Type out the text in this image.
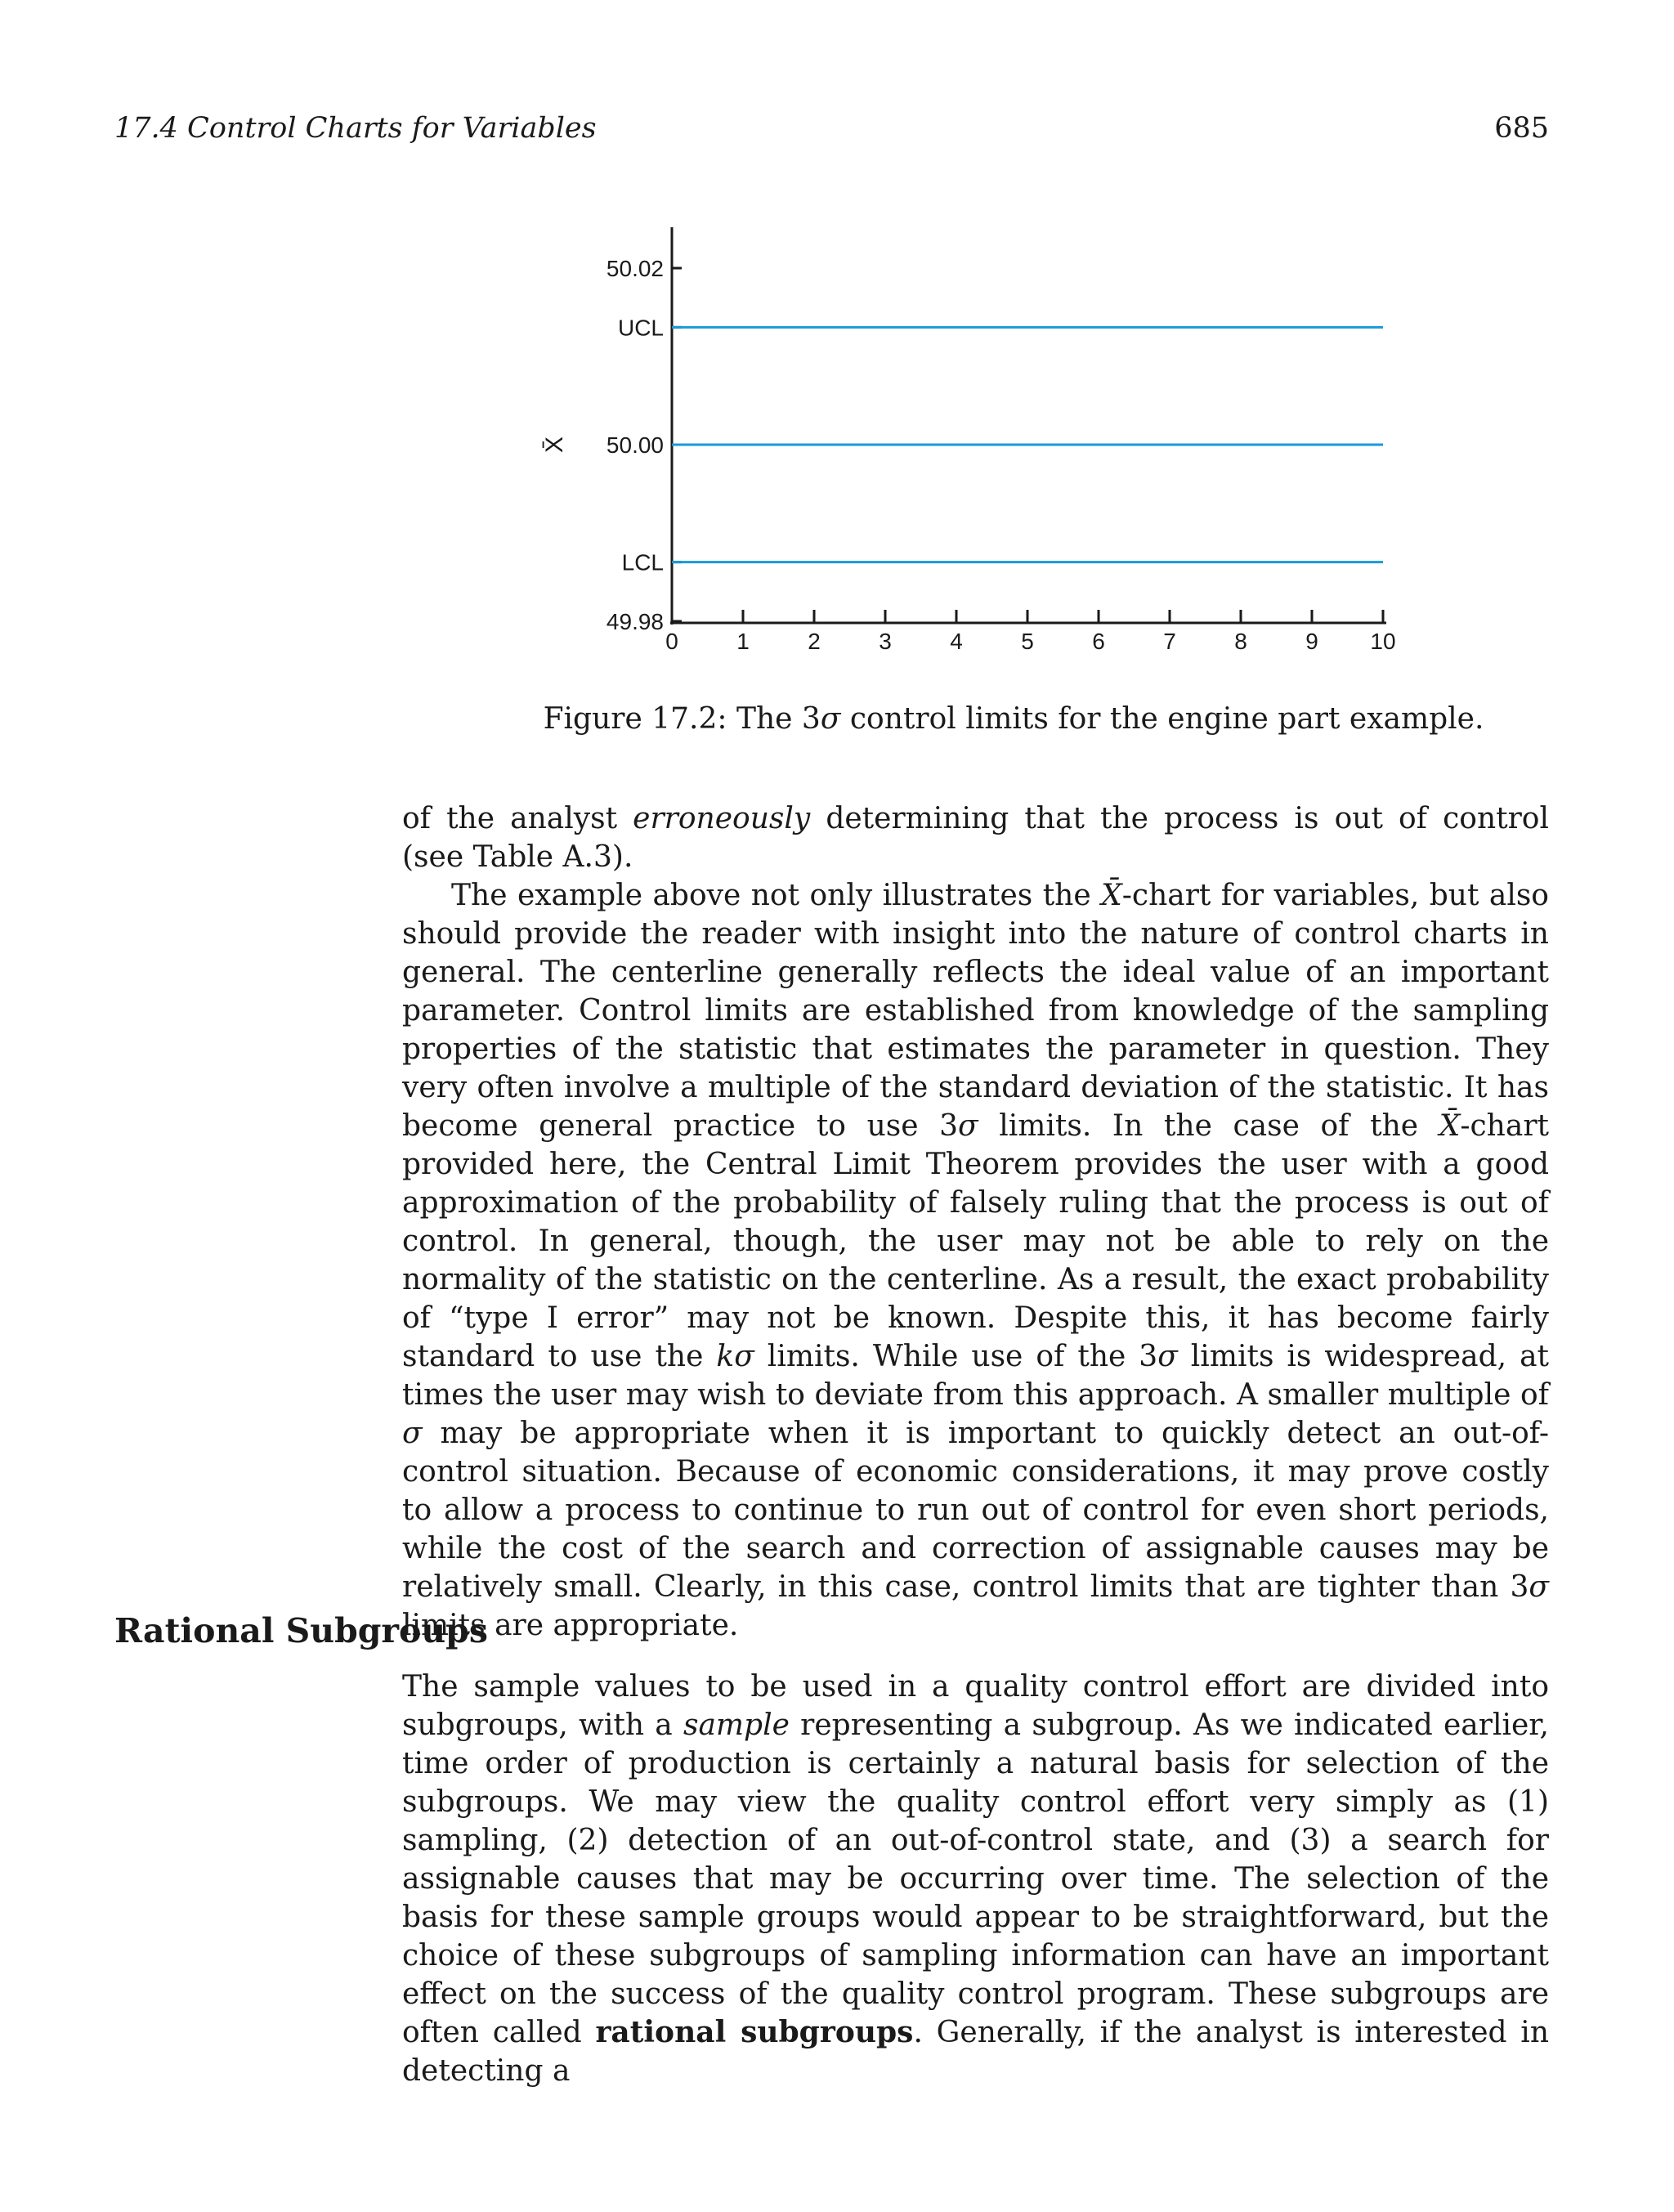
17.4 Control Charts for Variables	685
50.02
UCL
50.00
LCL
49.98
0	1	2	3	4	5	6	7	8	9 10
X̄
Figure 17.2: The 3σ control limits for the engine part example.

of the analyst erroneously determining that the process is out of control (see Table A.3).

The example above not only illustrates the X̄-chart for variables, but also should provide the reader with insight into the nature of control charts in general. The centerline generally reflects the ideal value of an important parameter. Control limits are established from knowledge of the sampling properties of the statistic that estimates the parameter in question. They very often involve a multiple of the standard deviation of the statistic. It has become general practice to use 3σ limits. In the case of the X̄-chart provided here, the Central Limit Theorem provides the user with a good approximation of the probability of falsely ruling that the process is out of control. In general, though, the user may not be able to rely on the normality of the statistic on the centerline. As a result, the exact probability of “type I error” may not be known. Despite this, it has become fairly standard to use the kσ limits. While use of the 3σ limits is widespread, at times the user may wish to deviate from this approach. A smaller multiple of σ may be appropriate when it is important to quickly detect an out-of-control situation. Because of economic considerations, it may prove costly to allow a process to continue to run out of control for even short periods, while the cost of the search and correction of assignable causes may be relatively small. Clearly, in this case, control limits that are tighter than 3σ limits are appropriate.

Rational Subgroups

The sample values to be used in a quality control effort are divided into subgroups, with a sample representing a subgroup. As we indicated earlier, time order of production is certainly a natural basis for selection of the subgroups. We may view the quality control effort very simply as (1) sampling, (2) detection of an out-of-control state, and (3) a search for assignable causes that may be occurring over time. The selection of the basis for these sample groups would appear to be straightforward, but the choice of these subgroups of sampling information can have an important effect on the success of the quality control program. These subgroups are often called rational subgroups. Generally, if the analyst is interested in detecting a
